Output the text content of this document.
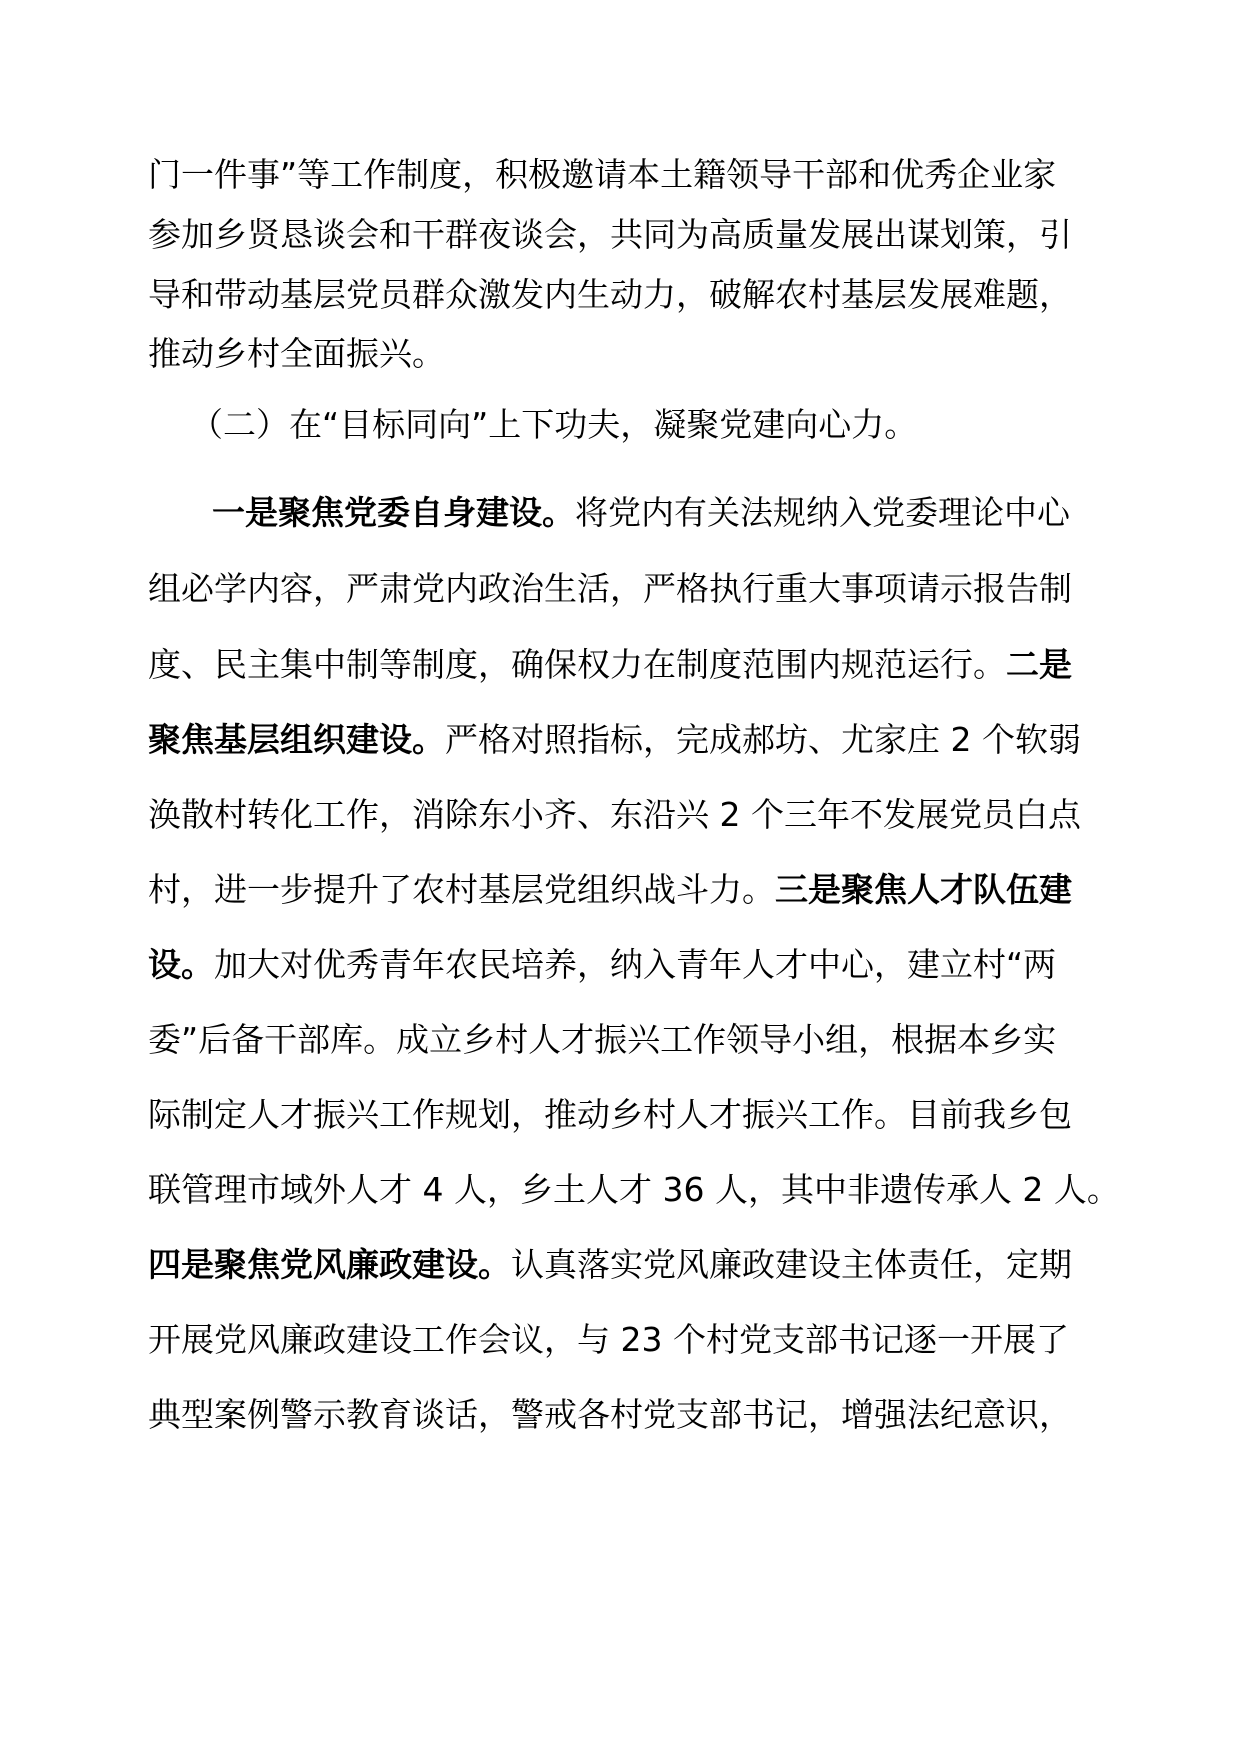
门一件事”等工作制度，积极邀请本土籍领导干部和优秀企业家
参加乡贤恳谈会和干群夜谈会，共同为高质量发展出谋划策，引
导和带动基层党员群众激发内生动力，破解农村基层发展难题，
推动乡村全面振兴。
（二）在“目标同向”上下功夫，凝聚党建向心力。
一是聚焦党委自身建设。将党内有关法规纳入党委理论中心
组必学内容，严肃党内政治生活，严格执行重大事项请示报告制
度、民主集中制等制度，确保权力在制度范围内规范运行。二是
聚焦基层组织建设。严格对照指标，完成郝坊、尤家庄 2 个软弱
涣散村转化工作，消除东小齐、东沿兴 2 个三年不发展党员白点
村，进一步提升了农村基层党组织战斗力。三是聚焦人才队伍建
设。加大对优秀青年农民培养，纳入青年人才中心，建立村“两
委”后备干部库。成立乡村人才振兴工作领导小组，根据本乡实
际制定人才振兴工作规划，推动乡村人才振兴工作。目前我乡包
联管理市域外人才 4 人，乡土人才 36 人，其中非遗传承人 2 人。
四是聚焦党风廉政建设。认真落实党风廉政建设主体责任，定期
开展党风廉政建设工作会议，与 23 个村党支部书记逐一开展了
典型案例警示教育谈话，警戒各村党支部书记，增强法纪意识，
